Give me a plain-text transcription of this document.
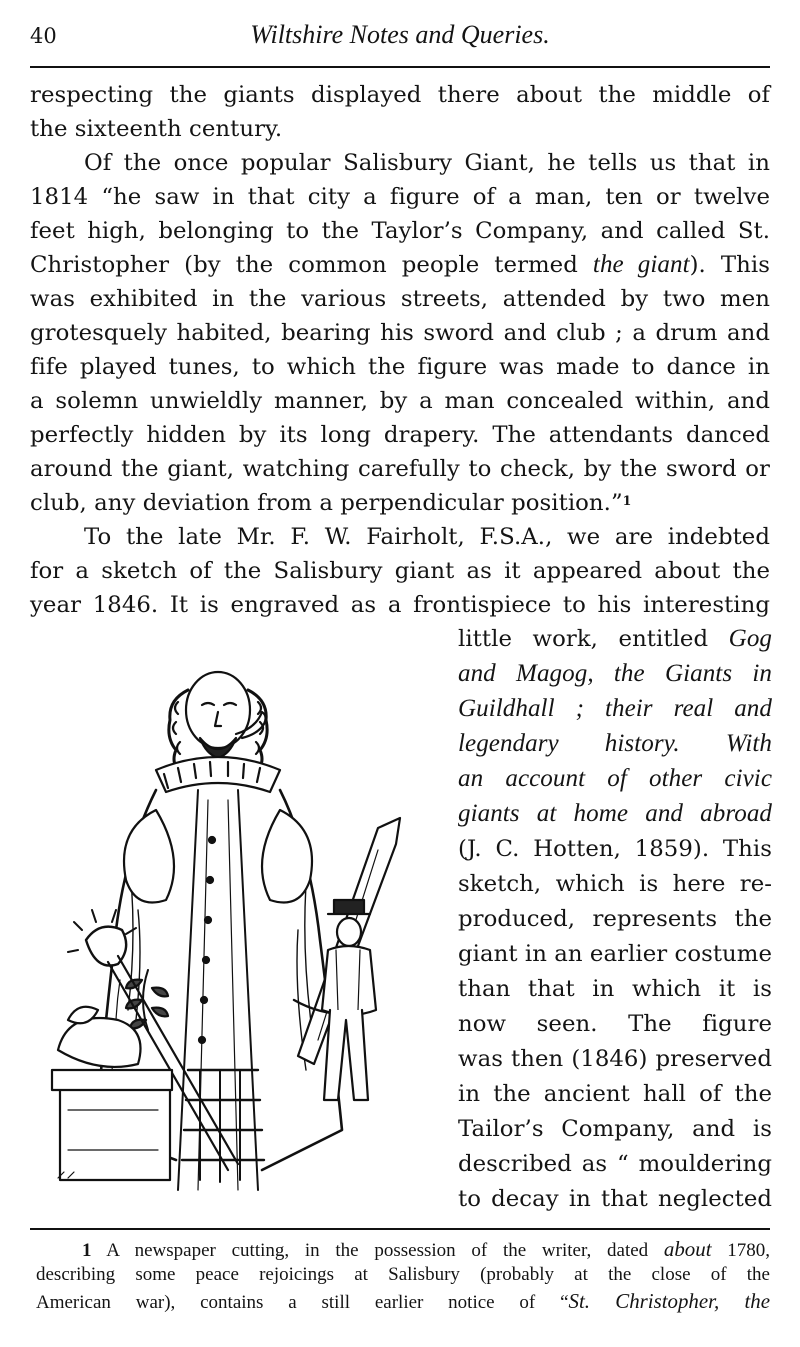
40	Wiltshire Notes and Queries.
respecting the giants displayed there about the middle of
the sixteenth century.
Of the once popular Salisbury Giant, he tells us that in
1814 “he saw in that city a figure of a man, ten or twelve
feet high, belonging to the Taylor’s Company, and called St.
Christopher (by the common people termed the giant). This
was exhibited in the various streets, attended by two men
grotesquely habited, bearing his sword and club ; a drum and
fife played tunes, to which the figure was made to dance in
a solemn unwieldly manner, by a man concealed within, and
perfectly hidden by its long drapery. The attendants danced
around the giant, watching carefully to check, by the sword or
club, any deviation from a perpendicular position.”$^1$
To the late Mr. F. W. Fairholt, F.S.A., we are indebted
for a sketch of the Salisbury giant as it appeared about the
year 1846. It is engraved as a frontispiece to his interesting
little work, entitled Gog
and Magog, the Giants in
Guildhall ; their real and
legendary history. With
an account of other civic
giants at home and abroad
(J. C. Hotten, 1859). This
sketch, which is here re-
produced, represents the
giant in an earlier costume
than that in which it is
now seen. The figure
was then (1846) preserved
in the ancient hall of the
Tailor’s Company, and is
described as “ mouldering
to decay in that neglected
1 A newspaper cutting, in the possession of the writer, dated about 1780,
describing some peace rejoicings at Salisbury (probably at the close of the
American war), contains a still earlier notice of “St. Christopher, the
